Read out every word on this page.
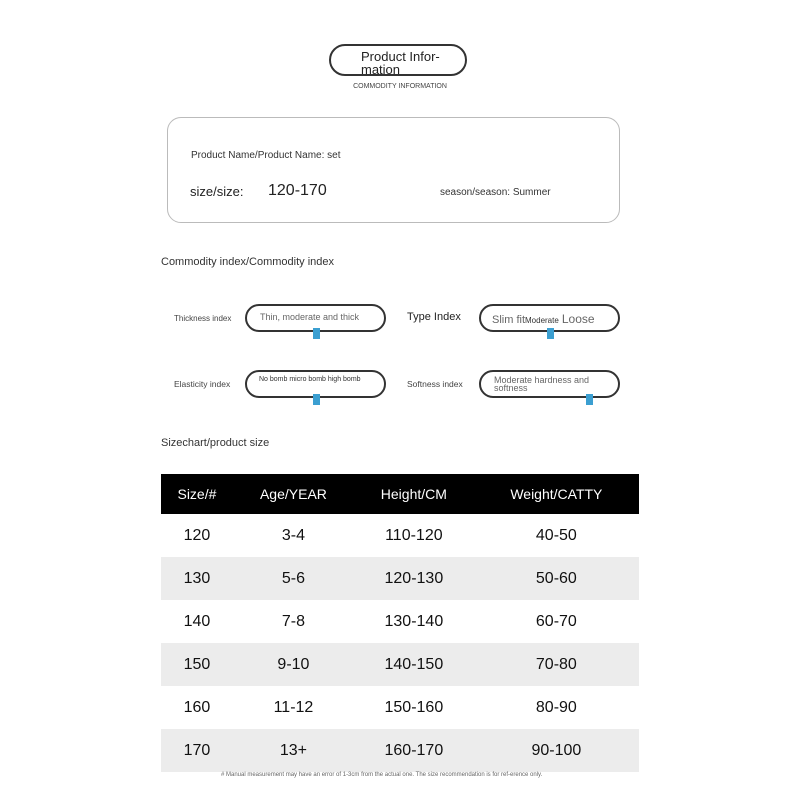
Product Infor-
mation
COMMODITY INFORMATION
Product Name/Product Name: set
size/size: 120-170	season/season: Summer
Commodity index/Commodity index
Thickness index	Thin, moderate and thick	Type Index	Slim fitModerate Loose
Elasticity index	No bomb micro bomb high bomb	Softness index	Moderate hardness and softness
Sizechart/product size
Size/#	Age/YEAR	Height/CM	Weight/CATTY
120	3-4	110-120	40-50
130	5-6	120-130	50-60
140	7-8	130-140	60-70
150	9-10	140-150	70-80
160	11-12	150-160	80-90
170	13+	160-170	90-100
# Manual measurement may have an error of 1-3cm from the actual one. The size recommendation is for ref-erence only.
